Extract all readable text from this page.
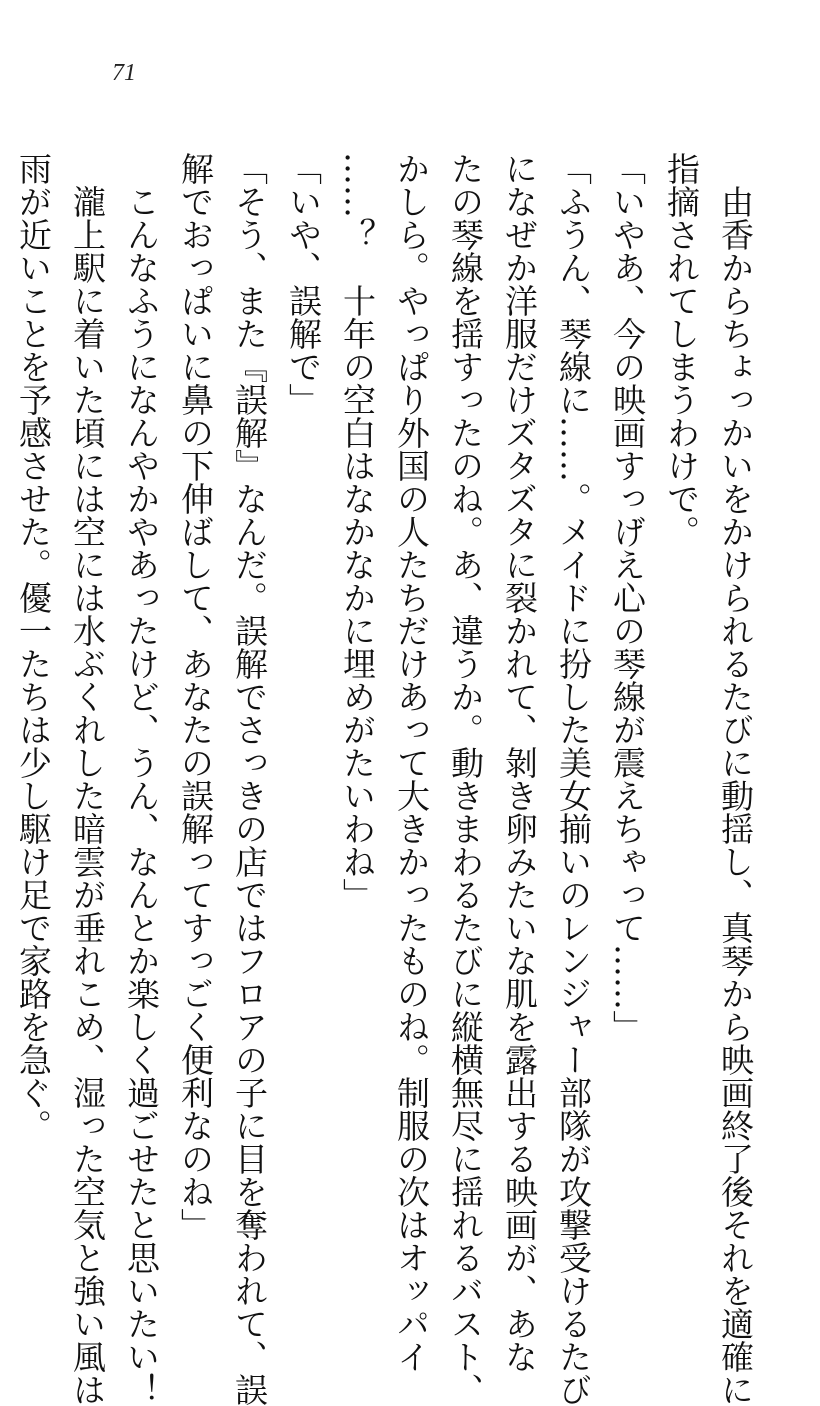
71
由香からちょっかいをかけられるたびに動揺し、真琴から映画終了後それを適確に
指摘されてしまうわけで。
「いやあ、今の映画すっげえ心の琴線が震えちゃって……」
「ふうん、琴線に……。メイドに扮した美女揃いのレンジャー部隊が攻撃受けるたび
になぜか洋服だけズタズタに裂かれて、剝き卵みたいな肌を露出する映画が、あな
たの琴線を揺すったのね。あ、違うか。動きまわるたびに縦横無尽に揺れるバスト、
かしら。やっぱり外国の人たちだけあって大きかったものね。制服の次はオッパイ
……？　十年の空白はなかなかに埋めがたいわね」
「いや、誤解で」
「そう、また『誤解』なんだ。誤解でさっきの店ではフロアの子に目を奪われて、誤
解でおっぱいに鼻の下伸ばして、あなたの誤解ってすっごく便利なのね」
こんなふうになんやかやあったけど、うん、なんとか楽しく過ごせたと思いたい！
瀧上駅に着いた頃には空には水ぶくれした暗雲が垂れこめ、湿った空気と強い風は
雨が近いことを予感させた。優一たちは少し駆け足で家路を急ぐ。
